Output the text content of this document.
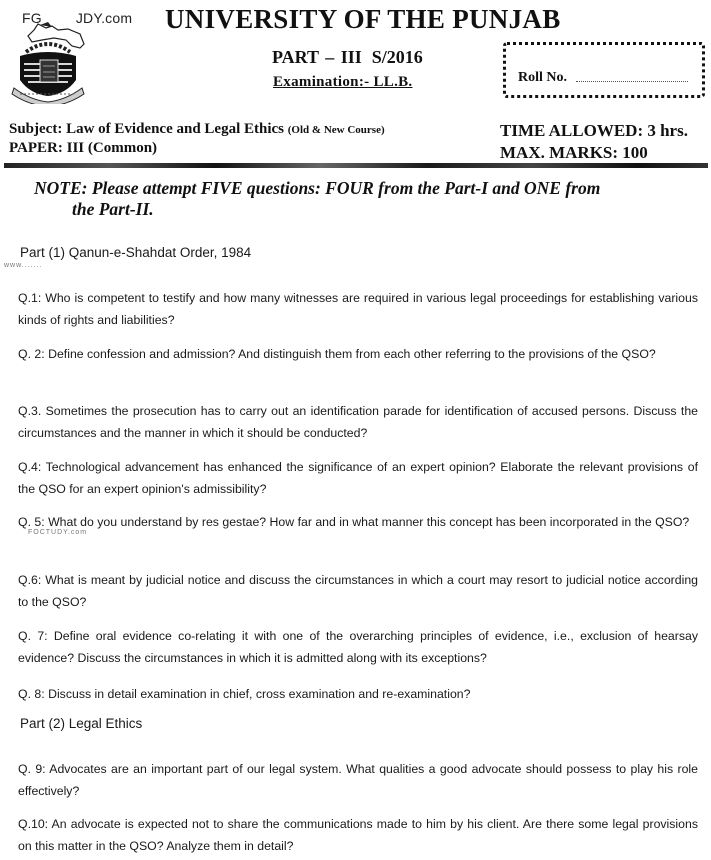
FG JDY.com UNIVERSITY OF THE PUNJAB
PART – III S/2016
Examination:- LL.B.	Roll No.
Subject: Law of Evidence and Legal Ethics (Old & New Course)
PAPER: III (Common)
TIME ALLOWED: 3 hrs.
MAX. MARKS: 100
NOTE: Please attempt FIVE questions: FOUR from the Part-I and ONE from
the Part-II.
Part (1) Qanun-e-Shahdat Order, 1984
www.......
Q.1: Who is competent to testify and how many witnesses are required in various legal proceedings for establishing various kinds of rights and liabilities?
Q. 2: Define confession and admission? And distinguish them from each other referring to the provisions of the QSO?
Q.3. Sometimes the prosecution has to carry out an identification parade for identification of accused persons. Discuss the circumstances and the manner in which it should be conducted?
Q.4: Technological advancement has enhanced the significance of an expert opinion? Elaborate the relevant provisions of the QSO for an expert opinion's admissibility?
Q. 5: What do you understand by res gestae? How far and in what manner this concept has been incorporated in the QSO?
FOCTUDY.com
Q.6: What is meant by judicial notice and discuss the circumstances in which a court may resort to judicial notice according to the QSO?
Q. 7: Define oral evidence co-relating it with one of the overarching principles of evidence, i.e., exclusion of hearsay evidence? Discuss the circumstances in which it is admitted along with its exceptions?
Q. 8: Discuss in detail examination in chief, cross examination and re-examination?
Part (2) Legal Ethics
Q. 9: Advocates are an important part of our legal system. What qualities a good advocate should possess to play his role effectively?
Q.10: An advocate is expected not to share the communications made to him by his client. Are there some legal provisions on this matter in the QSO? Analyze them in detail?
